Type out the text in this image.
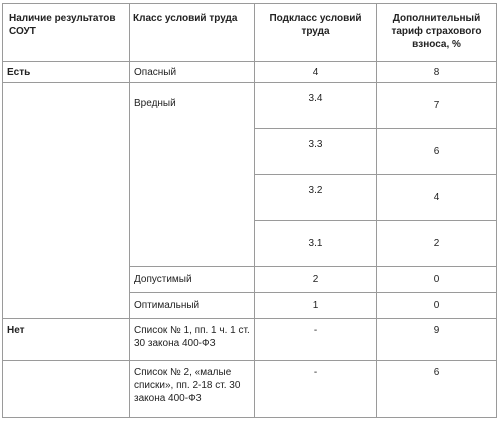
Наличие результатов СОУТ	Класс условий труда	Подкласс условий труда	Дополнительный тариф страхового взноса, %
Есть	Опасный	4	8
	Вредный	3.4	7
		3.3	6
		3.2	4
		3.1	2
	Допустимый	2	0
	Оптимальный	1	0
Нет	Список № 1, пп. 1 ч. 1 ст. 30 закона 400-ФЗ	-	9
	Список № 2, «малые списки», пп. 2-18 ст. 30 закона 400-ФЗ	-	6
